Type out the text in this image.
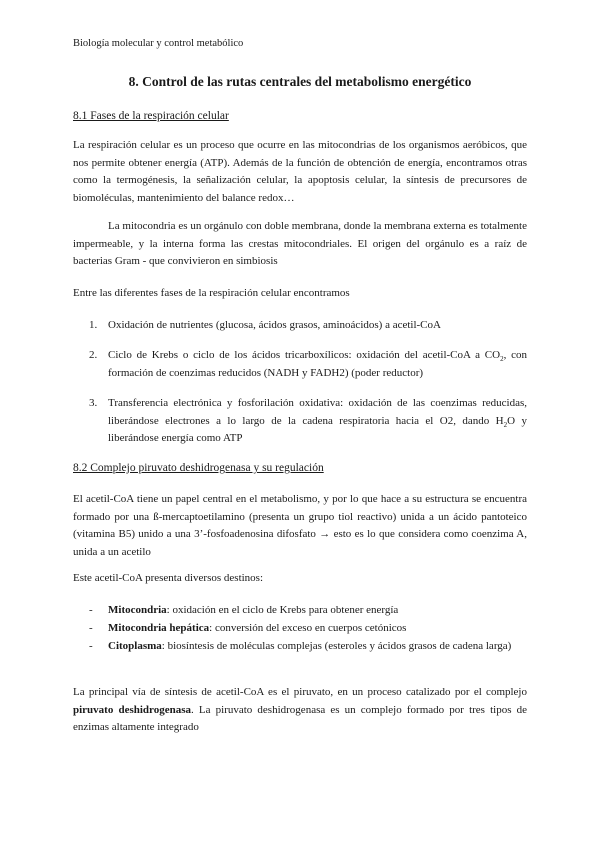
Biología molecular y control metabólico
8. Control de las rutas centrales del metabolismo energético
8.1 Fases de la respiración celular
La respiración celular es un proceso que ocurre en las mitocondrias de los organismos aeróbicos, que nos permite obtener energía (ATP). Además de la función de obtención de energía, encontramos otras como la termogénesis, la señalización celular, la apoptosis celular, la síntesis de precursores de biomoléculas, mantenimiento del balance redox…
La mitocondria es un orgánulo con doble membrana, donde la membrana externa es totalmente impermeable, y la interna forma las crestas mitocondriales. El origen del orgánulo es a raíz de bacterias Gram - que convivieron en simbiosis
Entre las diferentes fases de la respiración celular encontramos
1. Oxidación de nutrientes (glucosa, ácidos grasos, aminoácidos) a acetil-CoA
2. Ciclo de Krebs o ciclo de los ácidos tricarboxílicos: oxidación del acetil-CoA a $CO_2$, con formación de coenzimas reducidos (NADH y FADH2) (poder reductor)
3. Transferencia electrónica y fosforilación oxidativa: oxidación de las coenzimas reducidas, liberándose electrones a lo largo de la cadena respiratoria hacia el O2, dando $H_2O$ y liberándose energía como ATP
8.2 Complejo piruvato deshidrogenasa y su regulación
El acetil-CoA tiene un papel central en el metabolismo, y por lo que hace a su estructura se encuentra formado por una ß-mercaptoetilamino (presenta un grupo tiol reactivo) unida a un ácido pantoteico (vitamina B5) unido a una 3’-fosfoadenosina difosfato → esto es lo que considera como coenzima A, unida a un acetilo
Este acetil-CoA presenta diversos destinos:
- Mitocondria: oxidación en el ciclo de Krebs para obtener energía
- Mitocondria hepática: conversión del exceso en cuerpos cetónicos
- Citoplasma: biosíntesis de moléculas complejas (esteroles y ácidos grasos de cadena larga)
La principal vía de síntesis de acetil-CoA es el piruvato, en un proceso catalizado por el complejo piruvato deshidrogenasa. La piruvato deshidrogenasa es un complejo formado por tres tipos de enzimas altamente integrado
